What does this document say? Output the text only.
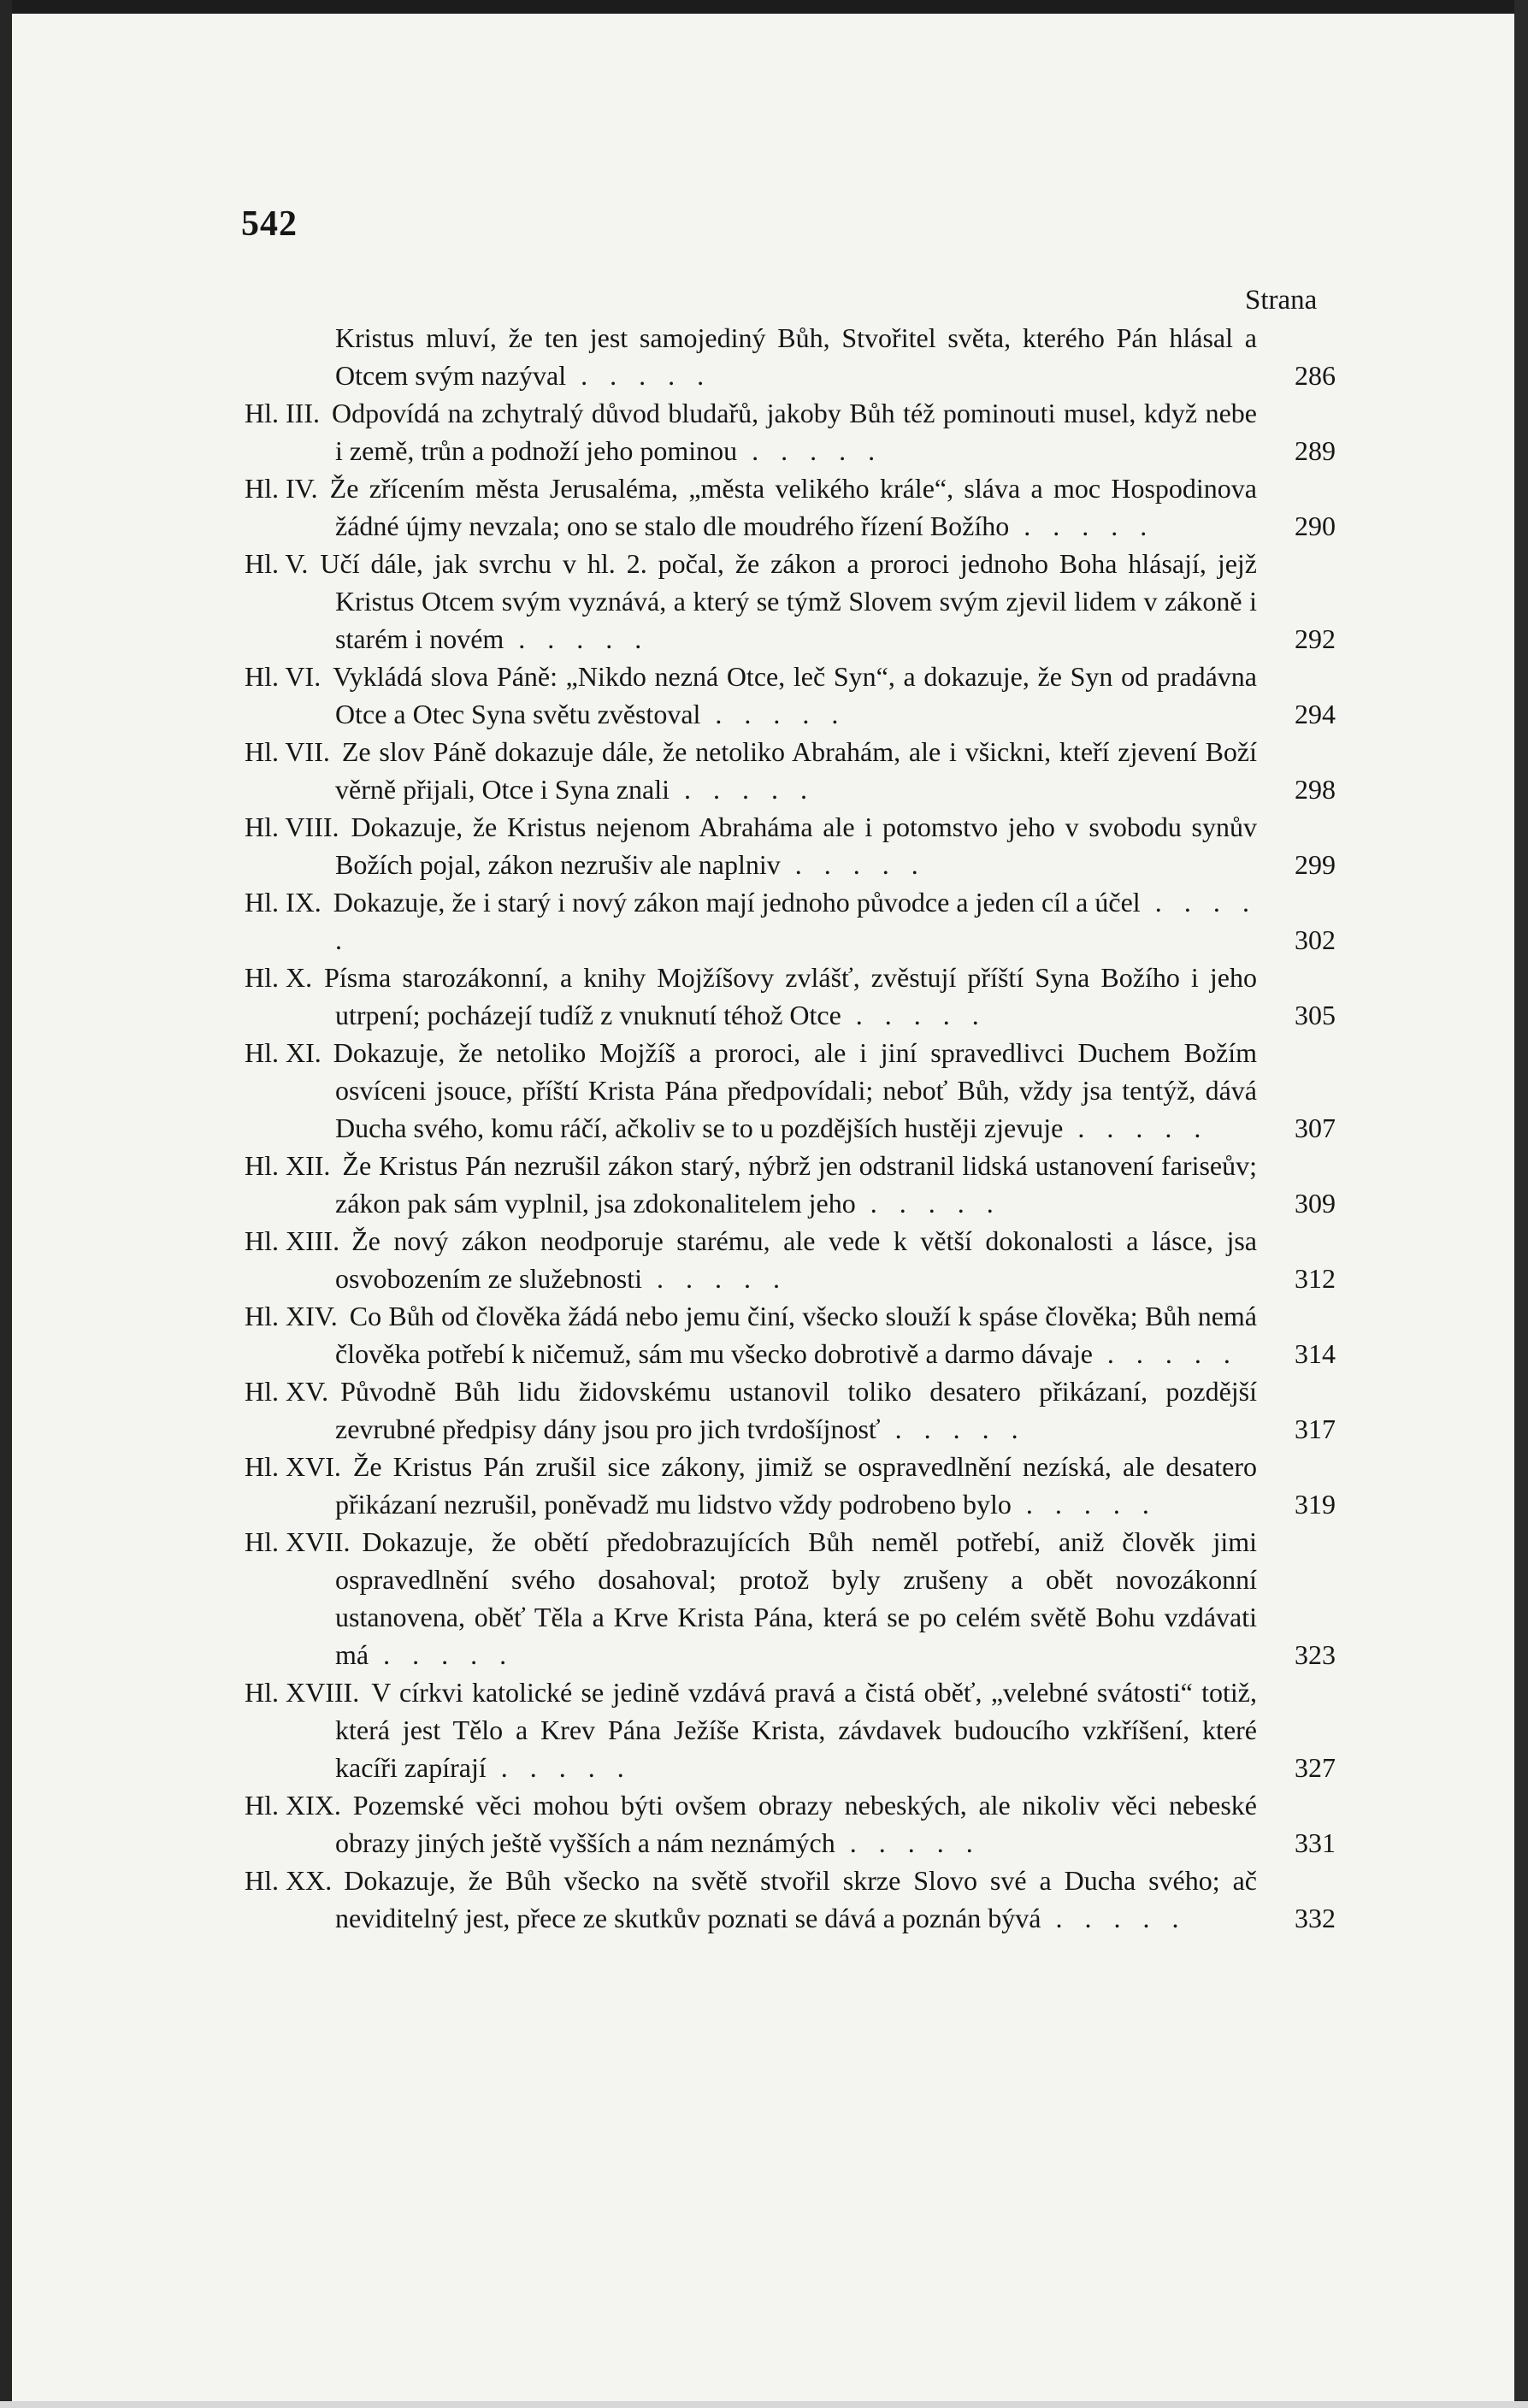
542
Strana
Kristus mluví, že ten jest samojediný Bůh, Stvořitel světa, kterého Pán hlásal a Otcem svým nazýval . . . . .	286
Hl. III. Odpovídá na zchytralý důvod bludařů, jakoby Bůh též pominouti musel, když nebe i země, trůn a podnoží jeho pominou . . . . .	289
Hl. IV. Že zřícením města Jerusaléma, „města velikého krále“, sláva a moc Hospodinova žádné újmy nevzala; ono se stalo dle moudrého řízení Božího . . . . .	290
Hl. V. Učí dále, jak svrchu v hl. 2. počal, že zákon a proroci jednoho Boha hlásají, jejž Kristus Otcem svým vyznává, a který se týmž Slovem svým zjevil lidem v zákoně i starém i novém . . . . .	292
Hl. VI. Vykládá slova Páně: „Nikdo nezná Otce, leč Syn“, a dokazuje, že Syn od pradávna Otce a Otec Syna světu zvěstoval . . . . .	294
Hl. VII. Ze slov Páně dokazuje dále, že netoliko Abrahám, ale i všickni, kteří zjevení Boží věrně přijali, Otce i Syna znali . . . . .	298
Hl. VIII. Dokazuje, že Kristus nejenom Abraháma ale i potomstvo jeho v svobodu synův Božích pojal, zákon nezrušiv ale naplniv . . . . .	299
Hl. IX. Dokazuje, že i starý i nový zákon mají jednoho původce a jeden cíl a účel . . . . .	302
Hl. X. Písma starozákonní, a knihy Mojžíšovy zvlášť, zvěstují příští Syna Božího i jeho utrpení; pocházejí tudíž z vnuknutí téhož Otce . . . . .	305
Hl. XI. Dokazuje, že netoliko Mojžíš a proroci, ale i jiní spravedlivci Duchem Božím osvíceni jsouce, příští Krista Pána předpovídali; neboť Bůh, vždy jsa tentýž, dává Ducha svého, komu ráčí, ačkoliv se to u pozdějších hustěji zjevuje . . . . .	307
Hl. XII. Že Kristus Pán nezrušil zákon starý, nýbrž jen odstranil lidská ustanovení fariseův; zákon pak sám vyplnil, jsa zdokonalitelem jeho . . . . .	309
Hl. XIII. Že nový zákon neodporuje starému, ale vede k větší dokonalosti a lásce, jsa osvobozením ze služebnosti . . . . .	312
Hl. XIV. Co Bůh od člověka žádá nebo jemu činí, všecko slouží k spáse člověka; Bůh nemá člověka potřebí k ničemuž, sám mu všecko dobrotivě a darmo dávaje . . . . .	314
Hl. XV. Původně Bůh lidu židovskému ustanovil toliko desatero přikázaní, pozdější zevrubné předpisy dány jsou pro jich tvrdošíjnosť . . . . .	317
Hl. XVI. Že Kristus Pán zrušil sice zákony, jimiž se ospravedlnění nezíská, ale desatero přikázaní nezrušil, poněvadž mu lidstvo vždy podrobeno bylo . . . . .	319
Hl. XVII. Dokazuje, že obětí předobrazujících Bůh neměl potřebí, aniž člověk jimi ospravedlnění svého dosahoval; protož byly zrušeny a obět novozákonní ustanovena, oběť Těla a Krve Krista Pána, která se po celém světě Bohu vzdávati má . . . . .	323
Hl. XVIII. V církvi katolické se jedině vzdává pravá a čistá oběť, „velebné svátosti“ totiž, která jest Tělo a Krev Pána Ježíše Krista, závdavek budoucího vzkříšení, které kacíři zapírají . . . . .	327
Hl. XIX. Pozemské věci mohou býti ovšem obrazy nebeských, ale nikoliv věci nebeské obrazy jiných ještě vyšších a nám neznámých . . . . .	331
Hl. XX. Dokazuje, že Bůh všecko na světě stvořil skrze Slovo své a Ducha svého; ač neviditelný jest, přece ze skutkův poznati se dává a poznán bývá . . . . .	332
